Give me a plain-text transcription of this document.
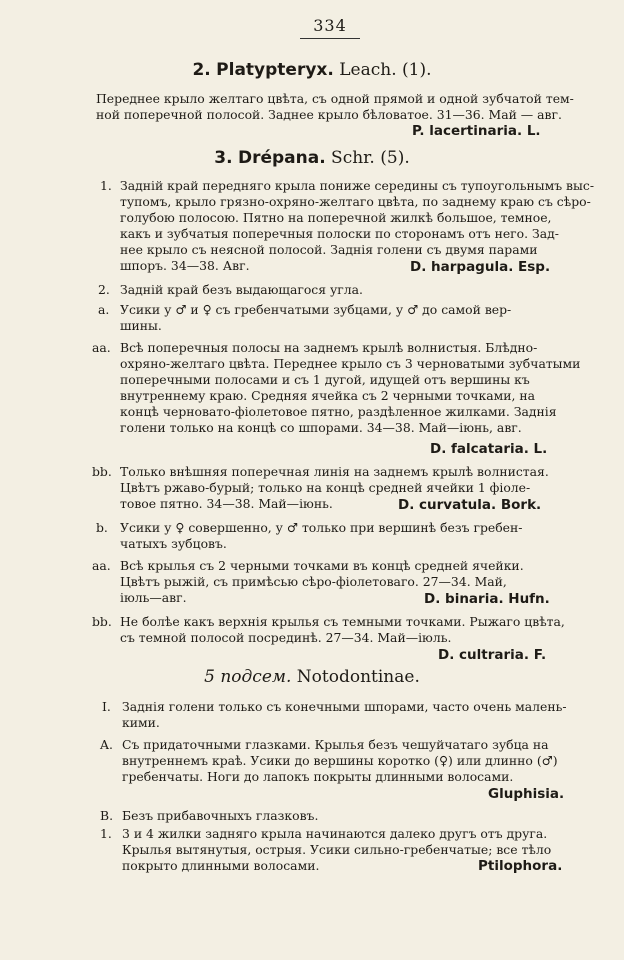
334
2. Platypteryx. Leach. (1).
Переднее крыло желтаго цвѣта, съ одной прямой и одной зубчатой тем-
ной поперечной полосой. Заднее крыло бѣловатое. 31—36. Май — авг.
P. lacertinaria. L.
3. Drépana. Schr. (5).
1. Задній край передняго крыла пониже середины съ тупоугольнымъ выс-
тупомъ, крыло грязно-охряно-желтаго цвѣта, по заднему краю съ сѣро-
голубою полосою. Пятно на поперечной жилкѣ большое, темное,
какъ и зубчатыя поперечныя полоски по сторонамъ отъ него. Зад-
нее крыло съ неясной полосой. Заднія голени съ двумя парами
шпоръ. 34—38. Авг.	D. harpagula. Esp.
2. Задній край безъ выдающагося угла.
a. Усики у ♂ и ♀ съ гребенчатыми зубцами, у ♂ до самой вер-
шины.
aa. Всѣ поперечныя полосы на заднемъ крылѣ волнистыя. Блѣдно-
охряно-желтаго цвѣта. Переднее крыло съ 3 черноватыми зубчатыми
поперечными полосами и съ 1 дугой, идущей отъ вершины къ
внутреннему краю. Средняя ячейка съ 2 черными точками, на
концѣ черновато-фіолетовое пятно, раздѣленное жилками. Заднія
голени только на концѣ со шпорами. 34—38. Май—іюнь, авг.
D. falcataria. L.
bb. Только внѣшняя поперечная линія на заднемъ крылѣ волнистая.
Цвѣтъ ржаво-бурый; только на концѣ средней ячейки 1 фіоле-
товое пятно. 34—38. Май—іюнь.	D. curvatula. Bork.
b. Усики у ♀ совершенно, у ♂ только при вершинѣ безъ гребен-
чатыхъ зубцовъ.
aa. Всѣ крылья съ 2 черными точками въ концѣ средней ячейки.
Цвѣтъ рыжій, съ примѣсью сѣро-фіолетоваго. 27—34. Май,
іюль—авг.	D. binaria. Hufn.
bb. Не болѣе какъ верхнія крылья съ темными точками. Рыжаго цвѣта,
съ темной полосой посрединѣ. 27—34. Май—іюль.
D. cultraria. F.
5 подсем. Notodontinae.
I. Заднія голени только съ конечными шпорами, часто очень малень-
кими.
A. Съ придаточными глазками. Крылья безъ чешуйчатаго зубца на
внутреннемъ краѣ. Усики до вершины коротко (♀) или длинно (♂)
гребенчаты. Ноги до лапокъ покрыты длинными волосами.
Gluphisia.
B. Безъ прибавочныхъ глазковъ.
1. 3 и 4 жилки задняго крыла начинаются далеко другъ отъ друга.
Крылья вытянутыя, острыя. Усики сильно-гребенчатые; все тѣло
покрыто длинными волосами.	Ptilophora.
